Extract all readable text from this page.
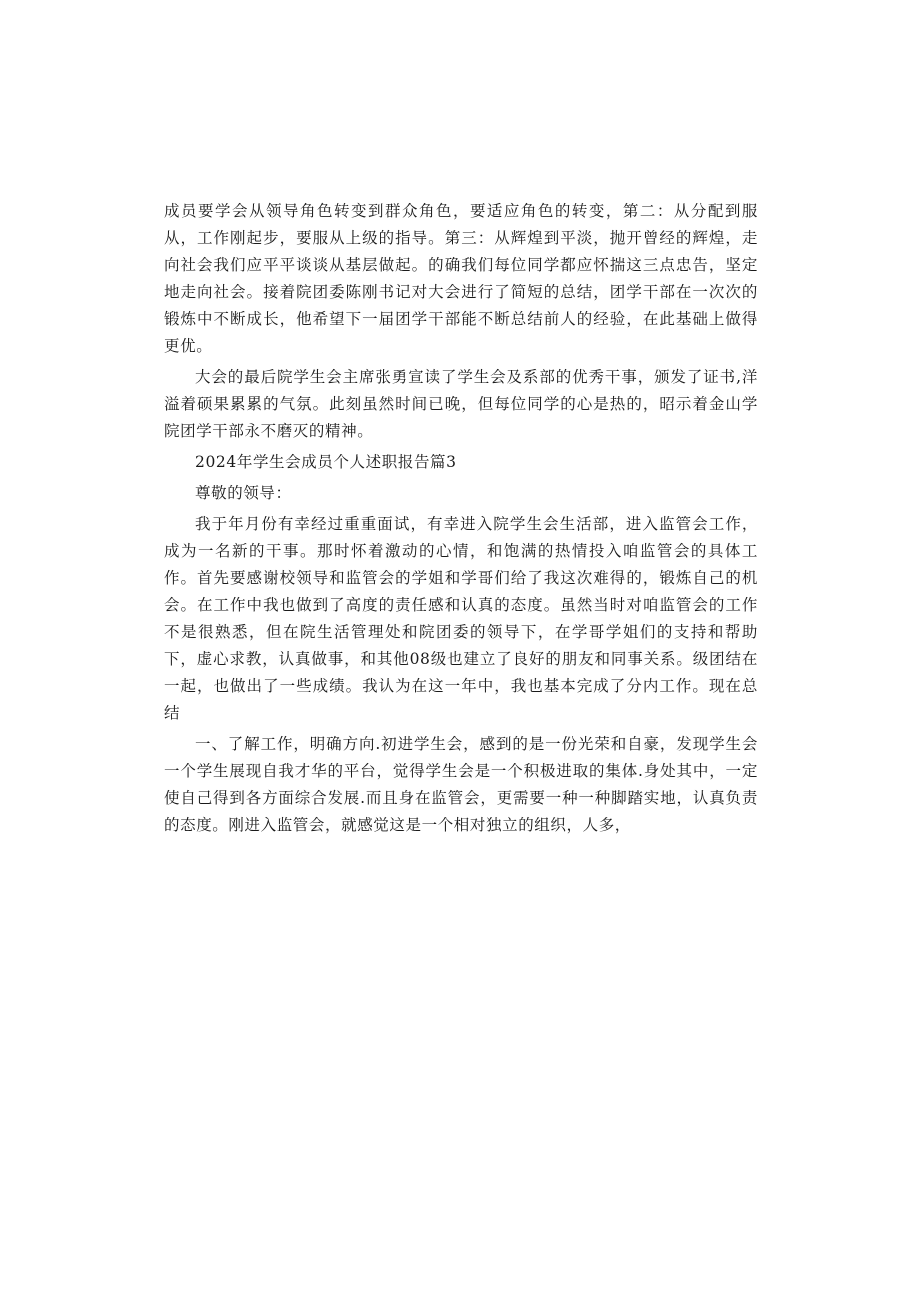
成员要学会从领导角色转变到群众角色，要适应角色的转变，第二：从分配到服从，工作刚起步，要服从上级的指导。第三：从辉煌到平淡，抛开曾经的辉煌，走向社会我们应平平谈谈从基层做起。的确我们每位同学都应怀揣这三点忠告，坚定地走向社会。接着院团委陈刚书记对大会进行了简短的总结，团学干部在一次次的锻炼中不断成长，他希望下一届团学干部能不断总结前人的经验，在此基础上做得更优。

大会的最后院学生会主席张勇宣读了学生会及系部的优秀干事，颁发了证书,洋溢着硕果累累的气氛。此刻虽然时间已晚，但每位同学的心是热的，昭示着金山学院团学干部永不磨灭的精神。

2024年学生会成员个人述职报告篇3

尊敬的领导：

我于年月份有幸经过重重面试，有幸进入院学生会生活部，进入监管会工作，成为一名新的干事。那时怀着激动的心情，和饱满的热情投入咱监管会的具体工作。首先要感谢校领导和监管会的学姐和学哥们给了我这次难得的，锻炼自己的机会。在工作中我也做到了高度的责任感和认真的态度。虽然当时对咱监管会的工作不是很熟悉，但在院生活管理处和院团委的领导下，在学哥学姐们的支持和帮助下，虚心求教，认真做事，和其他08级也建立了良好的朋友和同事关系。级团结在一起，也做出了一些成绩。我认为在这一年中，我也基本完成了分内工作。现在总结

一、了解工作，明确方向.初进学生会，感到的是一份光荣和自豪，发现学生会一个学生展现自我才华的平台，觉得学生会是一个积极进取的集体.身处其中，一定使自己得到各方面综合发展.而且身在监管会，更需要一种一种脚踏实地，认真负责的态度。刚进入监管会，就感觉这是一个相对独立的组织，人多，
